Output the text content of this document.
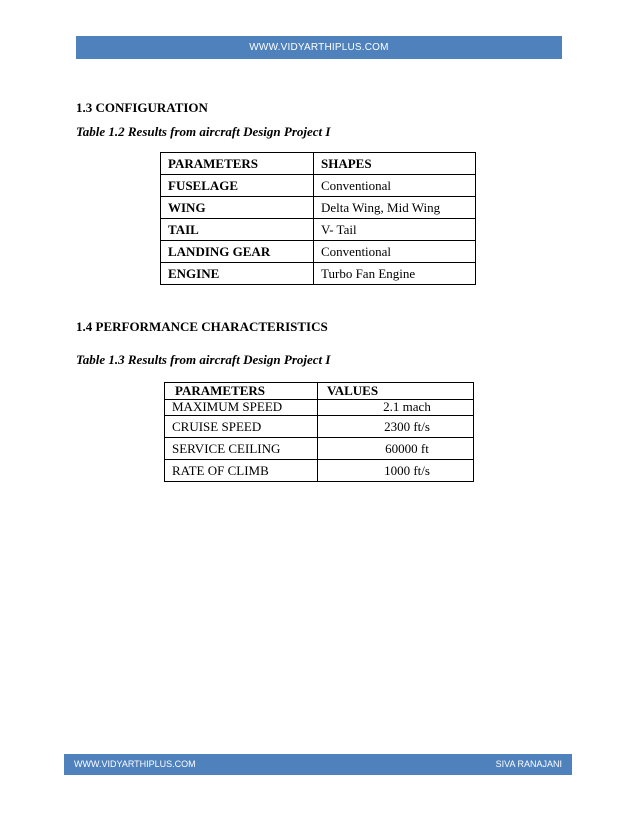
WWW.VIDYARTHIPLUS.COM
1.3 CONFIGURATION
Table 1.2 Results from aircraft Design Project I
PARAMETERS	SHAPES
FUSELAGE	Conventional
WING	Delta Wing, Mid Wing
TAIL	V- Tail
LANDING GEAR	Conventional
ENGINE	Turbo Fan Engine
1.4 PERFORMANCE CHARACTERISTICS
Table 1.3 Results from aircraft Design Project I
PARAMETERS	VALUES
MAXIMUM SPEED	2.1 mach
CRUISE SPEED	2300 ft/s
SERVICE CEILING	60000 ft
RATE OF CLIMB	1000 ft/s
WWW.VIDYARTHIPLUS.COM	SIVA RANAJANI
